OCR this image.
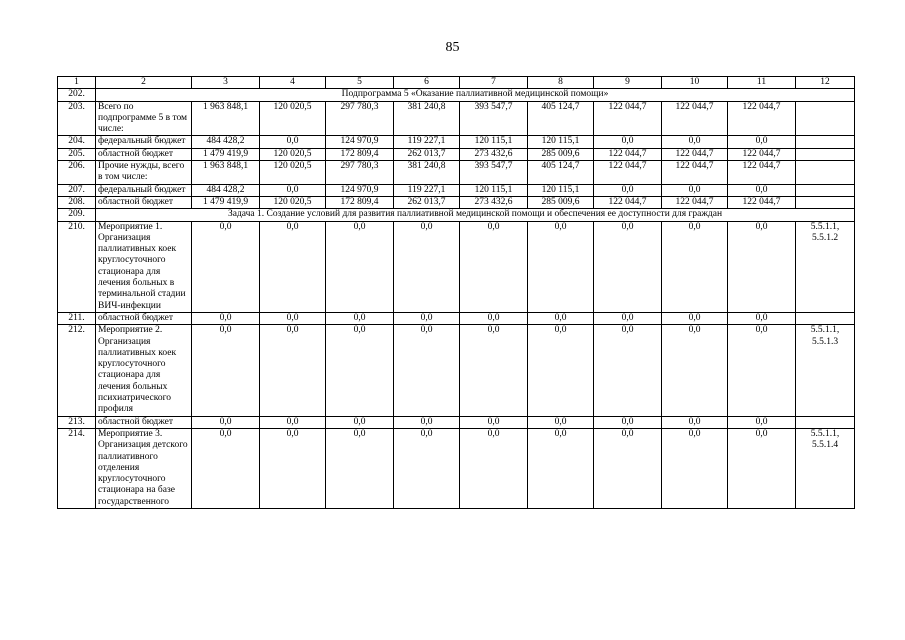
85
1	2	3	4	5	6	7	8	9	10	11	12
202.	Подпрограмма 5 «Оказание паллиативной медицинской помощи»										
203.	Всего по подпрограмме 5 в том числе:	1 963 848,1	120 020,5	297 780,3	381 240,8	393 547,7	405 124,7	122 044,7	122 044,7	122 044,7	
204.	федеральный бюджет	484 428,2	0,0	124 970,9	119 227,1	120 115,1	120 115,1	0,0	0,0	0,0	
205.	областной бюджет	1 479 419,9	120 020,5	172 809,4	262 013,7	273 432,6	285 009,6	122 044,7	122 044,7	122 044,7	
206.	Прочие нужды, всего в том числе:	1 963 848,1	120 020,5	297 780,3	381 240,8	393 547,7	405 124,7	122 044,7	122 044,7	122 044,7	
207.	федеральный бюджет	484 428,2	0,0	124 970,9	119 227,1	120 115,1	120 115,1	0,0	0,0	0,0	
208.	областной бюджет	1 479 419,9	120 020,5	172 809,4	262 013,7	273 432,6	285 009,6	122 044,7	122 044,7	122 044,7	
209.	Задача 1. Создание условий для развития паллиативной медицинской помощи и обеспечения ее доступности для граждан										
210.	Мероприятие 1. Организация паллиативных коек круглосуточного стационара для лечения больных в терминальной стадии ВИЧ-инфекции	0,0	0,0	0,0	0,0	0,0	0,0	0,0	0,0	0,0	5.5.1.1, 5.5.1.2
211.	областной бюджет	0,0	0,0	0,0	0,0	0,0	0,0	0,0	0,0	0,0	
212.	Мероприятие 2. Организация паллиативных коек круглосуточного стационара для лечения больных психиатрического профиля	0,0	0,0	0,0	0,0	0,0	0,0	0,0	0,0	0,0	5.5.1.1, 5.5.1.3
213.	областной бюджет	0,0	0,0	0,0	0,0	0,0	0,0	0,0	0,0	0,0	
214.	Мероприятие 3. Организация детского паллиативного отделения круглосуточного стационара на базе государственного	0,0	0,0	0,0	0,0	0,0	0,0	0,0	0,0	0,0	5.5.1.1, 5.5.1.4
